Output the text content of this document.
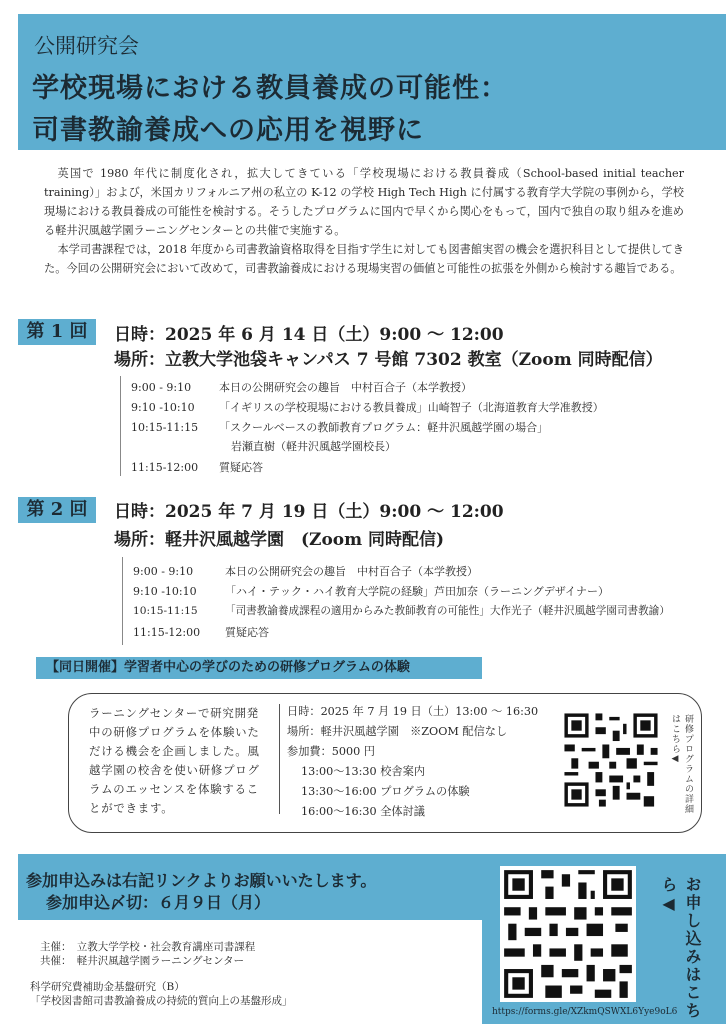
公開研究会
学校現場における教員養成の可能性：
司書教諭養成への応用を視野に

英国で 1980 年代に制度化され，拡大してきている「学校現場における教員養成（School-based initial teacher training）」および，米国カリフォルニア州の私立の K-12 の学校 High Tech High に付属する教育学大学院の事例から，学校現場における教員養成の可能性を検討する。そうしたプログラムに国内で早くから関心をもって，国内で独自の取り組みを進める軽井沢風越学園ラーニングセンターとの共催で実施する。

本学司書課程では，2018 年度から司書教諭資格取得を目指す学生に対しても図書館実習の機会を選択科目として提供してきた。今回の公開研究会において改めて，司書教諭養成における現場実習の価値と可能性の拡張を外側から検討する趣旨である。

第 1 回	日時：2025 年 6 月 14 日（土）9:00 ～ 12:00
場所：立教大学池袋キャンパス 7 号館 7302 教室（Zoom 同時配信）
9:00 - 9:10	本日の公開研究会の趣旨　中村百合子（本学教授）
9:10 -10:10 「イギリスの学校現場における教員養成」山崎智子（北海道教育大学准教授）
10:15-11:15 「スクールベースの教師教育プログラム：軽井沢風越学園の場合」
岩瀬直樹（軽井沢風越学園校長）
11:15-12:00 質疑応答
第 2 回	日時：2025 年 7 月 19 日（土）9:00 ～ 12:00
場所：軽井沢風越学園　(Zoom 同時配信)
9:00 - 9:10	本日の公開研究会の趣旨　中村百合子（本学教授）
9:10 -10:10	「ハイ・テック・ハイ教育大学院の経験」芦田加奈（ラーニングデザイナー）
10:15-11:15	「司書教諭養成課程の適用からみた教師教育の可能性」大作光子（軽井沢風越学園司書教諭）
11:15-12:00 質疑応答
【同日開催】学習者中心の学びのための研修プログラムの体験
ラーニングセンターで研究開発中の研修プログラムを体験いただける機会を企画しました。風越学園の校舎を使い研修プログラムのエッセンスを体験することができます。
日時：2025 年 7 月 19 日（土）13:00 ～ 16:30
場所：軽井沢風越学園　※ZOOM 配信なし
参加費：5000 円
13:00～13:30 校舎案内
13:30～16:00 プログラムの体験
16:00～16:30 全体討議	研修プログラムの詳細はこちら◀
参加申込みは右記リンクよりお願いいたします。
参加申込〆切：６月９日（月）
https://forms.gle/XZkmQSWXL6Yye9oL6 お申し込みはこちら◀
主催：　立教大学学校・社会教育講座司書課程
共催：　軽井沢風越学園ラーニングセンター
科学研究費補助金基盤研究（B）
「学校図書館司書教諭養成の持続的質向上の基盤形成」
